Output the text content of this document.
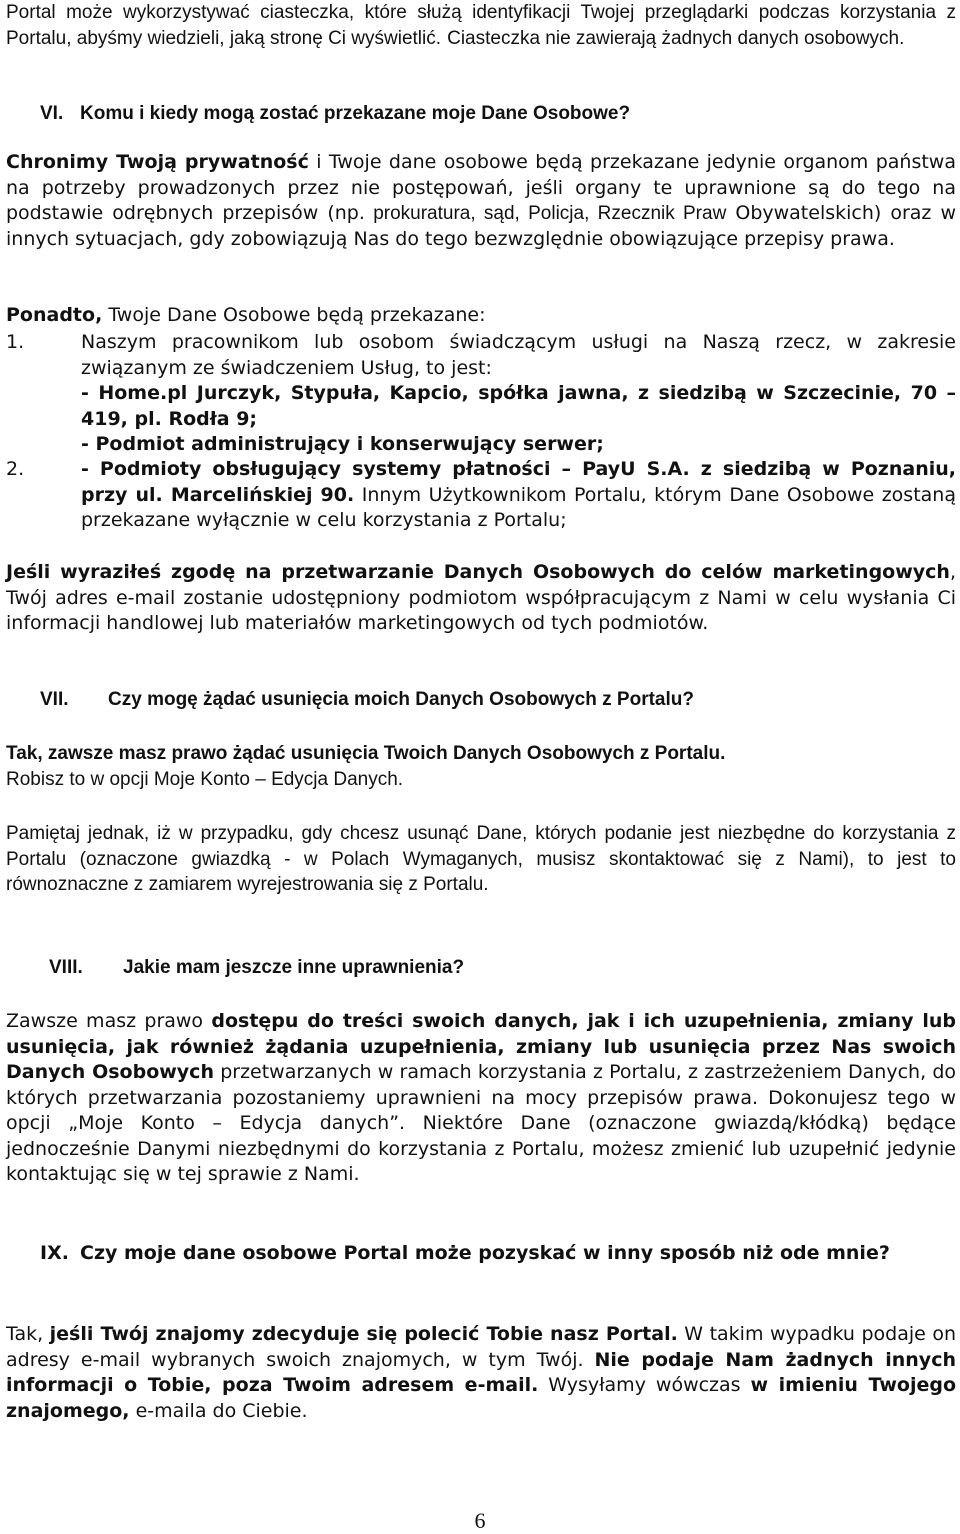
Portal może wykorzystywać ciasteczka, które służą identyfikacji Twojej przeglądarki podczas korzystania z Portalu, abyśmy wiedzieli, jaką stronę Ci wyświetlić. Ciasteczka nie zawierają żadnych danych osobowych.

VI. Komu i kiedy mogą zostać przekazane moje Dane Osobowe?

Chronimy Twoją prywatność i Twoje dane osobowe będą przekazane jedynie organom państwa na potrzeby prowadzonych przez nie postępowań, jeśli organy te uprawnione są do tego na podstawie odrębnych przepisów (np. prokuratura, sąd, Policja, Rzecznik Praw Obywatelskich) oraz w innych sytuacjach, gdy zobowiązują Nas do tego bezwzględnie obowiązujące przepisy prawa.

Ponadto, Twoje Dane Osobowe będą przekazane:

1.	Naszym pracownikom lub osobom świadczącym usługi na Naszą rzecz, w zakresie związanym ze świadczeniem Usług, to jest:
- Home.pl Jurczyk, Stypuła, Kapcio, spółka jawna, z siedzibą w Szczecinie, 70 – 419, pl. Rodła 9;
- Podmiot administrujący i konserwujący serwer;
2.	- Podmioty obsługujący systemy płatności – PayU S.A. z siedzibą w Poznaniu, przy ul. Marcelińskiej 90. Innym Użytkownikom Portalu, którym Dane Osobowe zostaną przekazane wyłącznie w celu korzystania z Portalu;

Jeśli wyraziłeś zgodę na przetwarzanie Danych Osobowych do celów marketingowych, Twój adres e-mail zostanie udostępniony podmiotom współpracującym z Nami w celu wysłania Ci informacji handlowej lub materiałów marketingowych od tych podmiotów.

VII. Czy mogę żądać usunięcia moich Danych Osobowych z Portalu?

Tak, zawsze masz prawo żądać usunięcia Twoich Danych Osobowych z Portalu.
Robisz to w opcji Moje Konto – Edycja Danych.

Pamiętaj jednak, iż w przypadku, gdy chcesz usunąć Dane, których podanie jest niezbędne do korzystania z Portalu (oznaczone gwiazdką - w Polach Wymaganych, musisz skontaktować się z Nami), to jest to równoznaczne z zamiarem wyrejestrowania się z Portalu.

VIII. Jakie mam jeszcze inne uprawnienia?

Zawsze masz prawo dostępu do treści swoich danych, jak i ich uzupełnienia, zmiany lub usunięcia, jak również żądania uzupełnienia, zmiany lub usunięcia przez Nas swoich Danych Osobowych przetwarzanych w ramach korzystania z Portalu, z zastrzeżeniem Danych, do których przetwarzania pozostaniemy uprawnieni na mocy przepisów prawa. Dokonujesz tego w opcji „Moje Konto – Edycja danych”. Niektóre Dane (oznaczone gwiazdą/kłódką) będące jednocześnie Danymi niezbędnymi do korzystania z Portalu, możesz zmienić lub uzupełnić jedynie kontaktując się w tej sprawie z Nami.

IX. Czy moje dane osobowe Portal może pozyskać w inny sposób niż ode mnie?

Tak, jeśli Twój znajomy zdecyduje się polecić Tobie nasz Portal. W takim wypadku podaje on adresy e-mail wybranych swoich znajomych, w tym Twój. Nie podaje Nam żadnych innych informacji o Tobie, poza Twoim adresem e-mail. Wysyłamy wówczas w imieniu Twojego znajomego, e-maila do Ciebie.

6
